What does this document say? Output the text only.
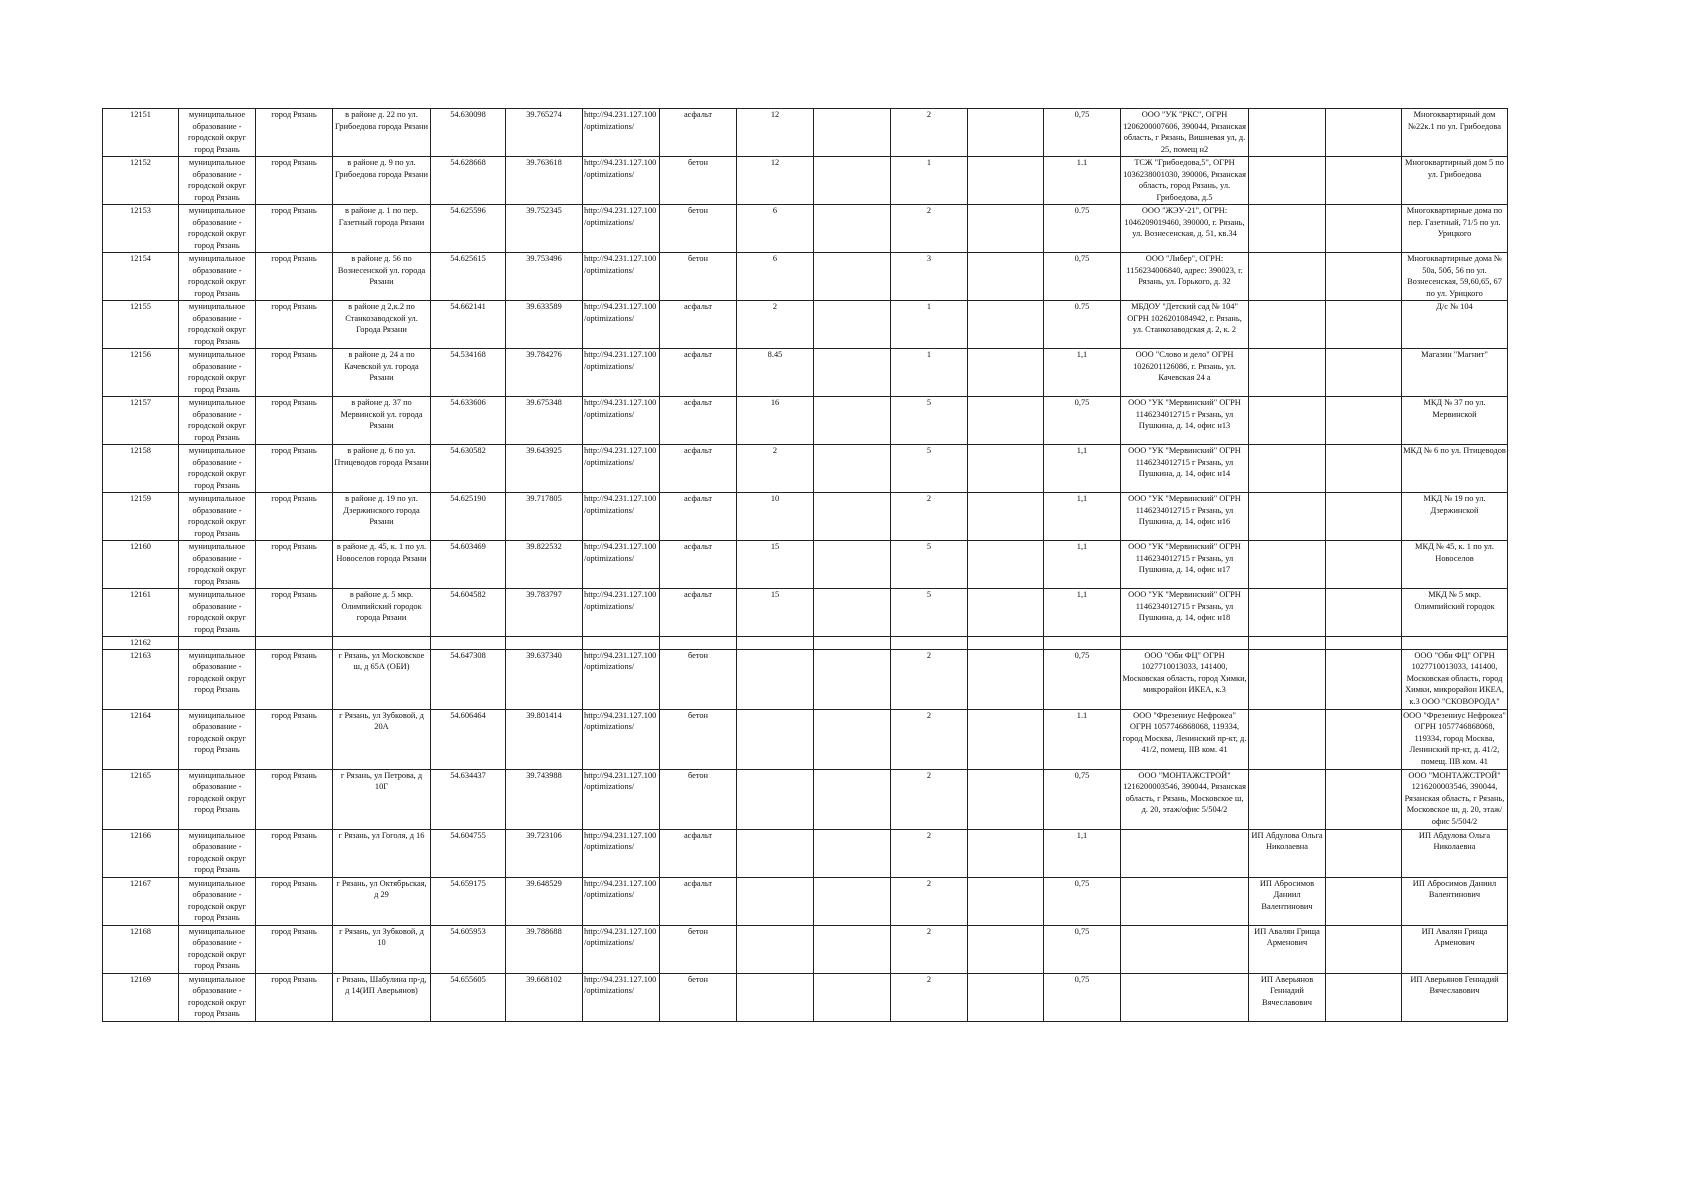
12151	муниципальное образование - городской округ город Рязань	город Рязань	в районе д. 22 по ул. Грибоедова города Рязани	54.630098	39.765274	http://94.231.127.100/optimizations/	асфальт	12		2		0,75	ООО "УК "РКС", ОГРН 1206200007606, 390044, Рязанская область, г Рязань, Вишневая ул, д. 25, помещ н2			Многоквартирный дом №22к.1 по ул. Грибоедова
12152	муниципальное образование - городской округ город Рязань	город Рязань	в районе д. 9 по ул. Грибоедова города Рязани	54.628668	39.763618	http://94.231.127.100/optimizations/	бетон	12		1		1.1	ТСЖ "Грибоедова,5", ОГРН 1036238001030, 390006, Рязанская область, город Рязань, ул. Грибоедова, д.5			Многоквартирный дом 5 по ул. Грибоедова
12153	муниципальное образование - городской округ город Рязань	город Рязань	в районе д. 1 по пер. Газетный города Рязани	54.625596	39.752345	http://94.231.127.100/optimizations/	бетон	6		2		0.75	ООО "ЖЭУ-21", ОГРН: 1046209019460, 390000, г. Рязань, ул. Вознесенская, д. 51, кв.34			Многоквартирные дома по пер. Газетный, 71/5 по ул. Урицкого
12154	муниципальное образование - городской округ город Рязань	город Рязань	в районе д. 56 по Вознесенской ул. города Рязани	54.625615	39.753496	http://94.231.127.100/optimizations/	бетон	6		3		0,75	ООО "Либер", ОГРН: 1156234006840, адрес: 390023, г. Рязань, ул. Горького, д. 32			Многоквартирные дома № 50а, 50б, 56 по ул. Вознесенская, 59,60,65, 67 по ул. Урицкого
12155	муниципальное образование - городской округ город Рязань	город Рязань	в районе д 2,к.2 по Станкозаводской ул. Города Рязани	54.662141	39.633589	http://94.231.127.100/optimizations/	асфальт	2		1		0.75	МБДОУ "Детский сад № 104" ОГРН 1026201084942, г. Рязань, ул. Станкозаводская д. 2, к. 2			Д/с № 104
12156	муниципальное образование - городской округ город Рязань	город Рязань	в районе д. 24 а по Качевской ул. города Рязани	54.534168	39.784276	http://94.231.127.100/optimizations/	асфальт	8.45		1		1,1	ООО "Слово и дело" ОГРН 1026201126086, г. Рязань, ул. Качевская 24 а			Магазин "Магнит"
12157	муниципальное образование - городской округ город Рязань	город Рязань	в районе д. 37 по Мервинской ул. города Рязани	54.633606	39.675348	http://94.231.127.100/optimizations/	асфальт	16		5		0,75	ООО "УК "Мервинский" ОГРН 1146234012715 г Рязань, ул Пушкина, д. 14, офис н13			МКД № 37 по ул. Мервинской
12158	муниципальное образование - городской округ город Рязань	город Рязань	в районе д. 6 по ул. Птицеводов города Рязани	54.630582	39.643925	http://94.231.127.100/optimizations/	асфальт	2		5		1,1	ООО "УК "Мервинский" ОГРН 1146234012715 г Рязань, ул Пушкина, д. 14, офис н14			МКД № 6 по ул. Птицеводов
12159	муниципальное образование - городской округ город Рязань	город Рязань	в районе д. 19 по ул. Дзержинского города Рязани	54.625190	39.717805	http://94.231.127.100/optimizations/	асфальт	10		2		1,1	ООО "УК "Мервинский" ОГРН 1146234012715 г Рязань, ул Пушкина, д. 14, офис н16			МКД № 19 по ул. Дзержинской
12160	муниципальное образование - городской округ город Рязань	город Рязань	в районе д. 45, к. 1 по ул. Новоселов города Рязани	54.603469	39.822532	http://94.231.127.100/optimizations/	асфальт	15		5		1,1	ООО "УК "Мервинский" ОГРН 1146234012715 г Рязань, ул Пушкина, д. 14, офис н17			МКД № 45, к. 1 по ул. Новоселов
12161	муниципальное образование - городской округ город Рязань	город Рязань	в районе д. 5 мкр. Олимпийский городок города Рязани	54.604582	39.783797	http://94.231.127.100/optimizations/	асфальт	15		5		1,1	ООО "УК "Мервинский" ОГРН 1146234012715 г Рязань, ул Пушкина, д. 14, офис н18			МКД № 5 мкр. Олимпийский городок
12162																
12163	муниципальное образование - городской округ город Рязань	город Рязань	г Рязань, ул Московское ш, д 65А (ОБИ)	54.647308	39.637340	http://94.231.127.100/optimizations/	бетон			2		0,75	ООО "Оби ФЦ" ОГРН 1027710013033, 141400, Московская область, город Химки, микрорайон ИКЕА, к.3			ООО "Оби ФЦ" ОГРН 1027710013033, 141400, Московская область, город Химки, микрорайон ИКЕА, к.3 ООО "СКОВОРОДА"
12164	муниципальное образование - городской округ город Рязань	город Рязань	г Рязань, ул Зубковой, д 20А	54.606464	39.801414	http://94.231.127.100/optimizations/	бетон			2		1.1	ООО "Фрезениус Нефрокеа" ОГРН 1057746868068, 119334, город Москва, Ленинский пр-кт, д. 41/2, помещ. IIВ ком. 41			ООО "Фрезениус Нефрокеа" ОГРН 1057746868068, 119334, город Москва, Ленинский пр-кт, д. 41/2, помещ. IIВ ком. 41
12165	муниципальное образование - городской округ город Рязань	город Рязань	г Рязань, ул Петрова, д 10Г	54.634437	39.743988	http://94.231.127.100/optimizations/	бетон			2		0,75	ООО "МОНТАЖСТРОЙ" 1216200003546, 390044, Рязанская область, г Рязань, Московское ш, д. 20, этаж/офис 5/504/2			ООО "МОНТАЖСТРОЙ" 1216200003546, 390044, Рязанская область, г Рязань, Московское ш, д. 20, этаж/офис 5/504/2
12166	муниципальное образование - городской округ город Рязань	город Рязань	г Рязань, ул Гоголя, д 16	54.604755	39.723106	http://94.231.127.100/optimizations/	асфальт			2		1,1		ИП Абдулова Ольга Николаевна		ИП Абдулова Ольга Николаевна
12167	муниципальное образование - городской округ город Рязань	город Рязань	г Рязань, ул Октябрьская, д 29	54.659175	39.648529	http://94.231.127.100/optimizations/	асфальт			2		0,75		ИП Абросимов Даниил Валентинович		ИП Абросимов Даниил Валентинович
12168	муниципальное образование - городской округ город Рязань	город Рязань	г Рязань, ул Зубковой, д 10	54.605953	39.788688	http://94.231.127.100/optimizations/	бетон			2		0,75		ИП Авалян Грища Арменович		ИП Авалян Грища Арменович
12169	муниципальное образование - городской округ город Рязань	город Рязань	г Рязань, Шабулина пр-д, д 14(ИП Аверьянов)	54.655605	39.668102	http://94.231.127.100/optimizations/	бетон			2		0,75		ИП Аверьянов Геннадий Вячеславович		ИП Аверьянов Геннадий Вячеславович
